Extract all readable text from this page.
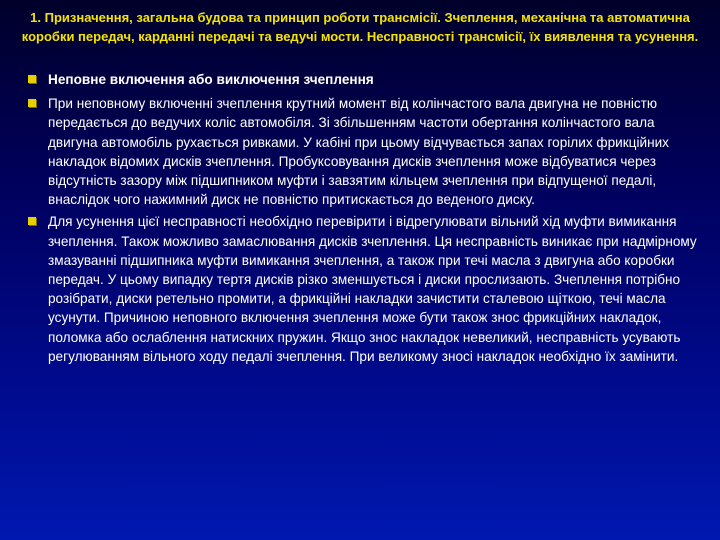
1. Призначення, загальна будова та принцип роботи трансмісії. Зчеплення, механічна та автоматична коробки передач, карданні передачі та ведучі мости. Несправності трансмісії, їх виявлення та усунення.
Неповне включення або виключення зчеплення
При неповному включенні зчеплення крутний момент від колінчастого вала двигуна не повністю передається до ведучих коліс автомобіля. Зі збільшенням частоти обертання колінчастого вала двигуна автомобіль рухається ривками. У кабіні при цьому відчувається запах горілих фрикційних накладок відомих дисків зчеплення. Пробуксовування дисків зчеплення може відбуватися через відсутність зазору між підшипником муфти і завзятим кільцем зчеплення при відпущеної педалі, внаслідок чого нажимний диск не повністю притискається до веденого диску.
Для усунення цієї несправності необхідно перевірити і відрегулювати вільний хід муфти вимикання зчеплення. Також можливо замаслювання дисків зчеплення. Ця несправність виникає при надмірному змазуванні підшипника муфти вимикання зчеплення, а також при течі масла з двигуна або коробки передач. У цьому випадку тертя дисків різко зменшується і диски прослизають. Зчеплення потрібно розібрати, диски ретельно промити, а фрикційні накладки зачистити сталевою щіткою, течі масла усунути. Причиною неповного включення зчеплення може бути також знос фрикційних накладок, поломка або ослаблення натискних пружин. Якщо знос накладок невеликий, несправність усувають регулюванням вільного ходу педалі зчеплення. При великому зносі накладок необхідно їх замінити.
